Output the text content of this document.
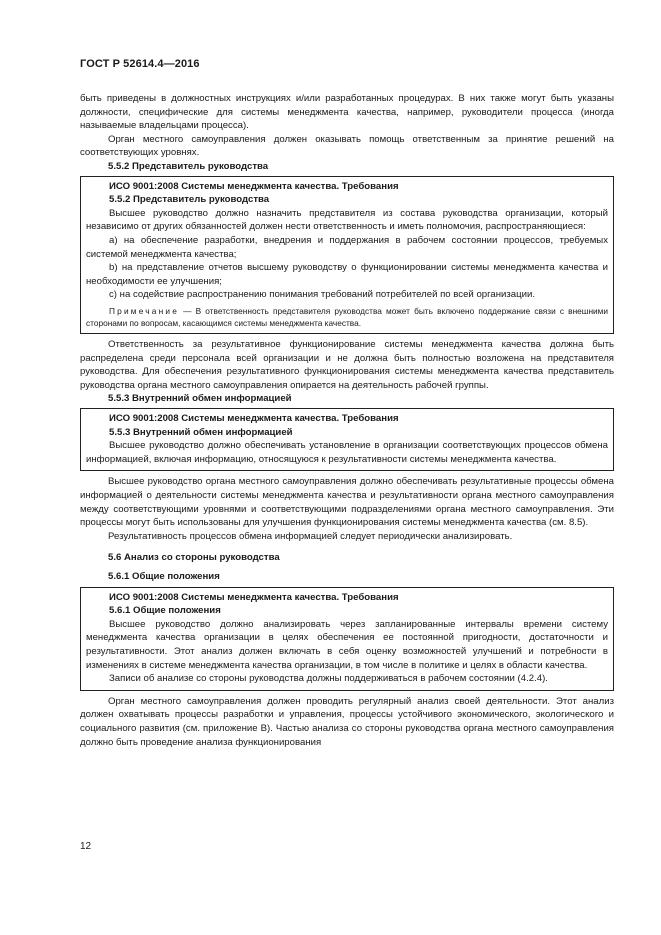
ГОСТ Р 52614.4—2016

быть приведены в должностных инструкциях и/или разработанных процедурах. В них также могут быть указаны должности, специфические для системы менеджмента качества, например, руководители процесса (иногда называемые владельцами процесса).

Орган местного самоуправления должен оказывать помощь ответственным за принятие решений на соответствующих уровнях.

5.5.2 Представитель руководства

ИСО 9001:2008 Системы менеджмента качества. Требования

5.5.2 Представитель руководства

Высшее руководство должно назначить представителя из состава руководства организации, который независимо от других обязанностей должен нести ответственность и иметь полномочия, распространяющиеся:

а) на обеспечение разработки, внедрения и поддержания в рабочем состоянии процессов, требуемых системой менеджмента качества;

b) на представление отчетов высшему руководству о функционировании системы менеджмента качества и необходимости ее улучшения;

с) на содействие распространению понимания требований потребителей по всей организации.

Примечание — В ответственность представителя руководства может быть включено поддержание связи с внешними сторонами по вопросам, касающимся системы менеджмента качества.

Ответственность за результативное функционирование системы менеджмента качества должна быть распределена среди персонала всей организации и не должна быть полностью возложена на представителя руководства. Для обеспечения результативного функционирования системы менеджмента качества представитель руководства органа местного самоуправления опирается на деятельность рабочей группы.

5.5.3 Внутренний обмен информацией

ИСО 9001:2008 Системы менеджмента качества. Требования

5.5.3 Внутренний обмен информацией

Высшее руководство должно обеспечивать установление в организации соответствующих процессов обмена информацией, включая информацию, относящуюся к результативности системы менеджмента качества.

Высшее руководство органа местного самоуправления должно обеспечивать результативные процессы обмена информацией о деятельности системы менеджмента качества и результативности органа местного самоуправления между соответствующими уровнями и соответствующими подразделениями органа местного самоуправления. Эти процессы могут быть использованы для улучшения функционирования системы менеджмента качества (см. 8.5).

Результативность процессов обмена информацией следует периодически анализировать.

5.6 Анализ со стороны руководства

5.6.1 Общие положения

ИСО 9001:2008 Системы менеджмента качества. Требования

5.6.1 Общие положения

Высшее руководство должно анализировать через запланированные интервалы времени систему менеджмента качества организации в целях обеспечения ее постоянной пригодности, достаточности и результативности. Этот анализ должен включать в себя оценку возможностей улучшений и потребности в изменениях в системе менеджмента качества организации, в том числе в политике и целях в области качества.

Записи об анализе со стороны руководства должны поддерживаться в рабочем состоянии (4.2.4).

Орган местного самоуправления должен проводить регулярный анализ своей деятельности. Этот анализ должен охватывать процессы разработки и управления, процессы устойчивого экономического, экологического и социального развития (см. приложение В). Частью анализа со стороны руководства органа местного самоуправления должно быть проведение анализа функционирования

12
